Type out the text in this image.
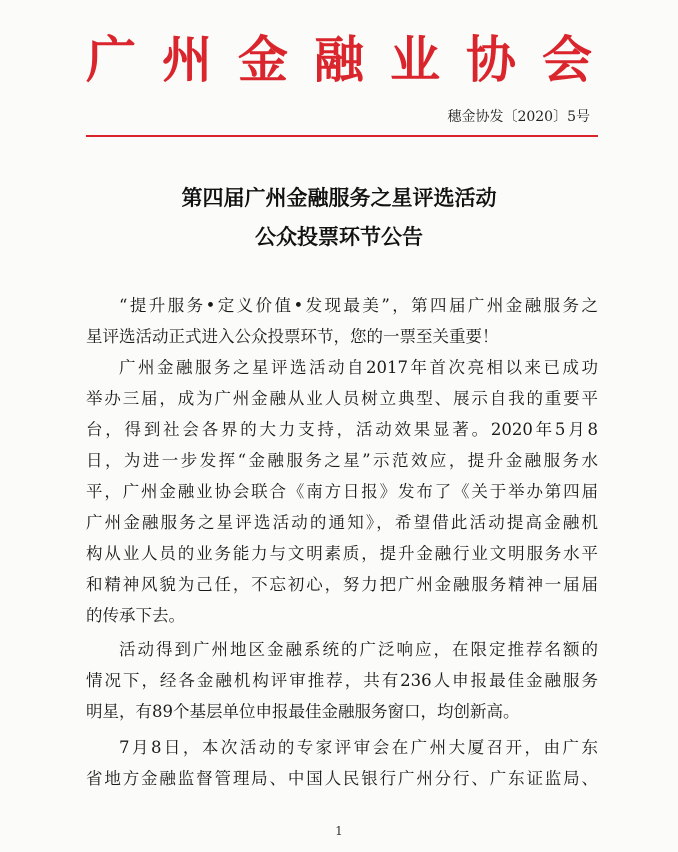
广州金融业协会
穗金协发〔2020〕5号
第四届广州金融服务之星评选活动
公众投票环节公告
“提升服务•定义价值•发现最美”，第四届广州金融服务之
星评选活动正式进入公众投票环节，您的一票至关重要！
广州金融服务之星评选活动自2017年首次亮相以来已成功
举办三届，成为广州金融从业人员树立典型、展示自我的重要平
台，得到社会各界的大力支持，活动效果显著。2020年5月8
日，为进一步发挥“金融服务之星”示范效应，提升金融服务水
平，广州金融业协会联合《南方日报》发布了《关于举办第四届
广州金融服务之星评选活动的通知》，希望借此活动提高金融机
构从业人员的业务能力与文明素质，提升金融行业文明服务水平
和精神风貌为己任，不忘初心，努力把广州金融服务精神一届届
的传承下去。
活动得到广州地区金融系统的广泛响应，在限定推荐名额的
情况下，经各金融机构评审推荐，共有236人申报最佳金融服务
明星，有89个基层单位申报最佳金融服务窗口，均创新高。
7月8日，本次活动的专家评审会在广州大厦召开，由广东
省地方金融监督管理局、中国人民银行广州分行、广东证监局、
1
